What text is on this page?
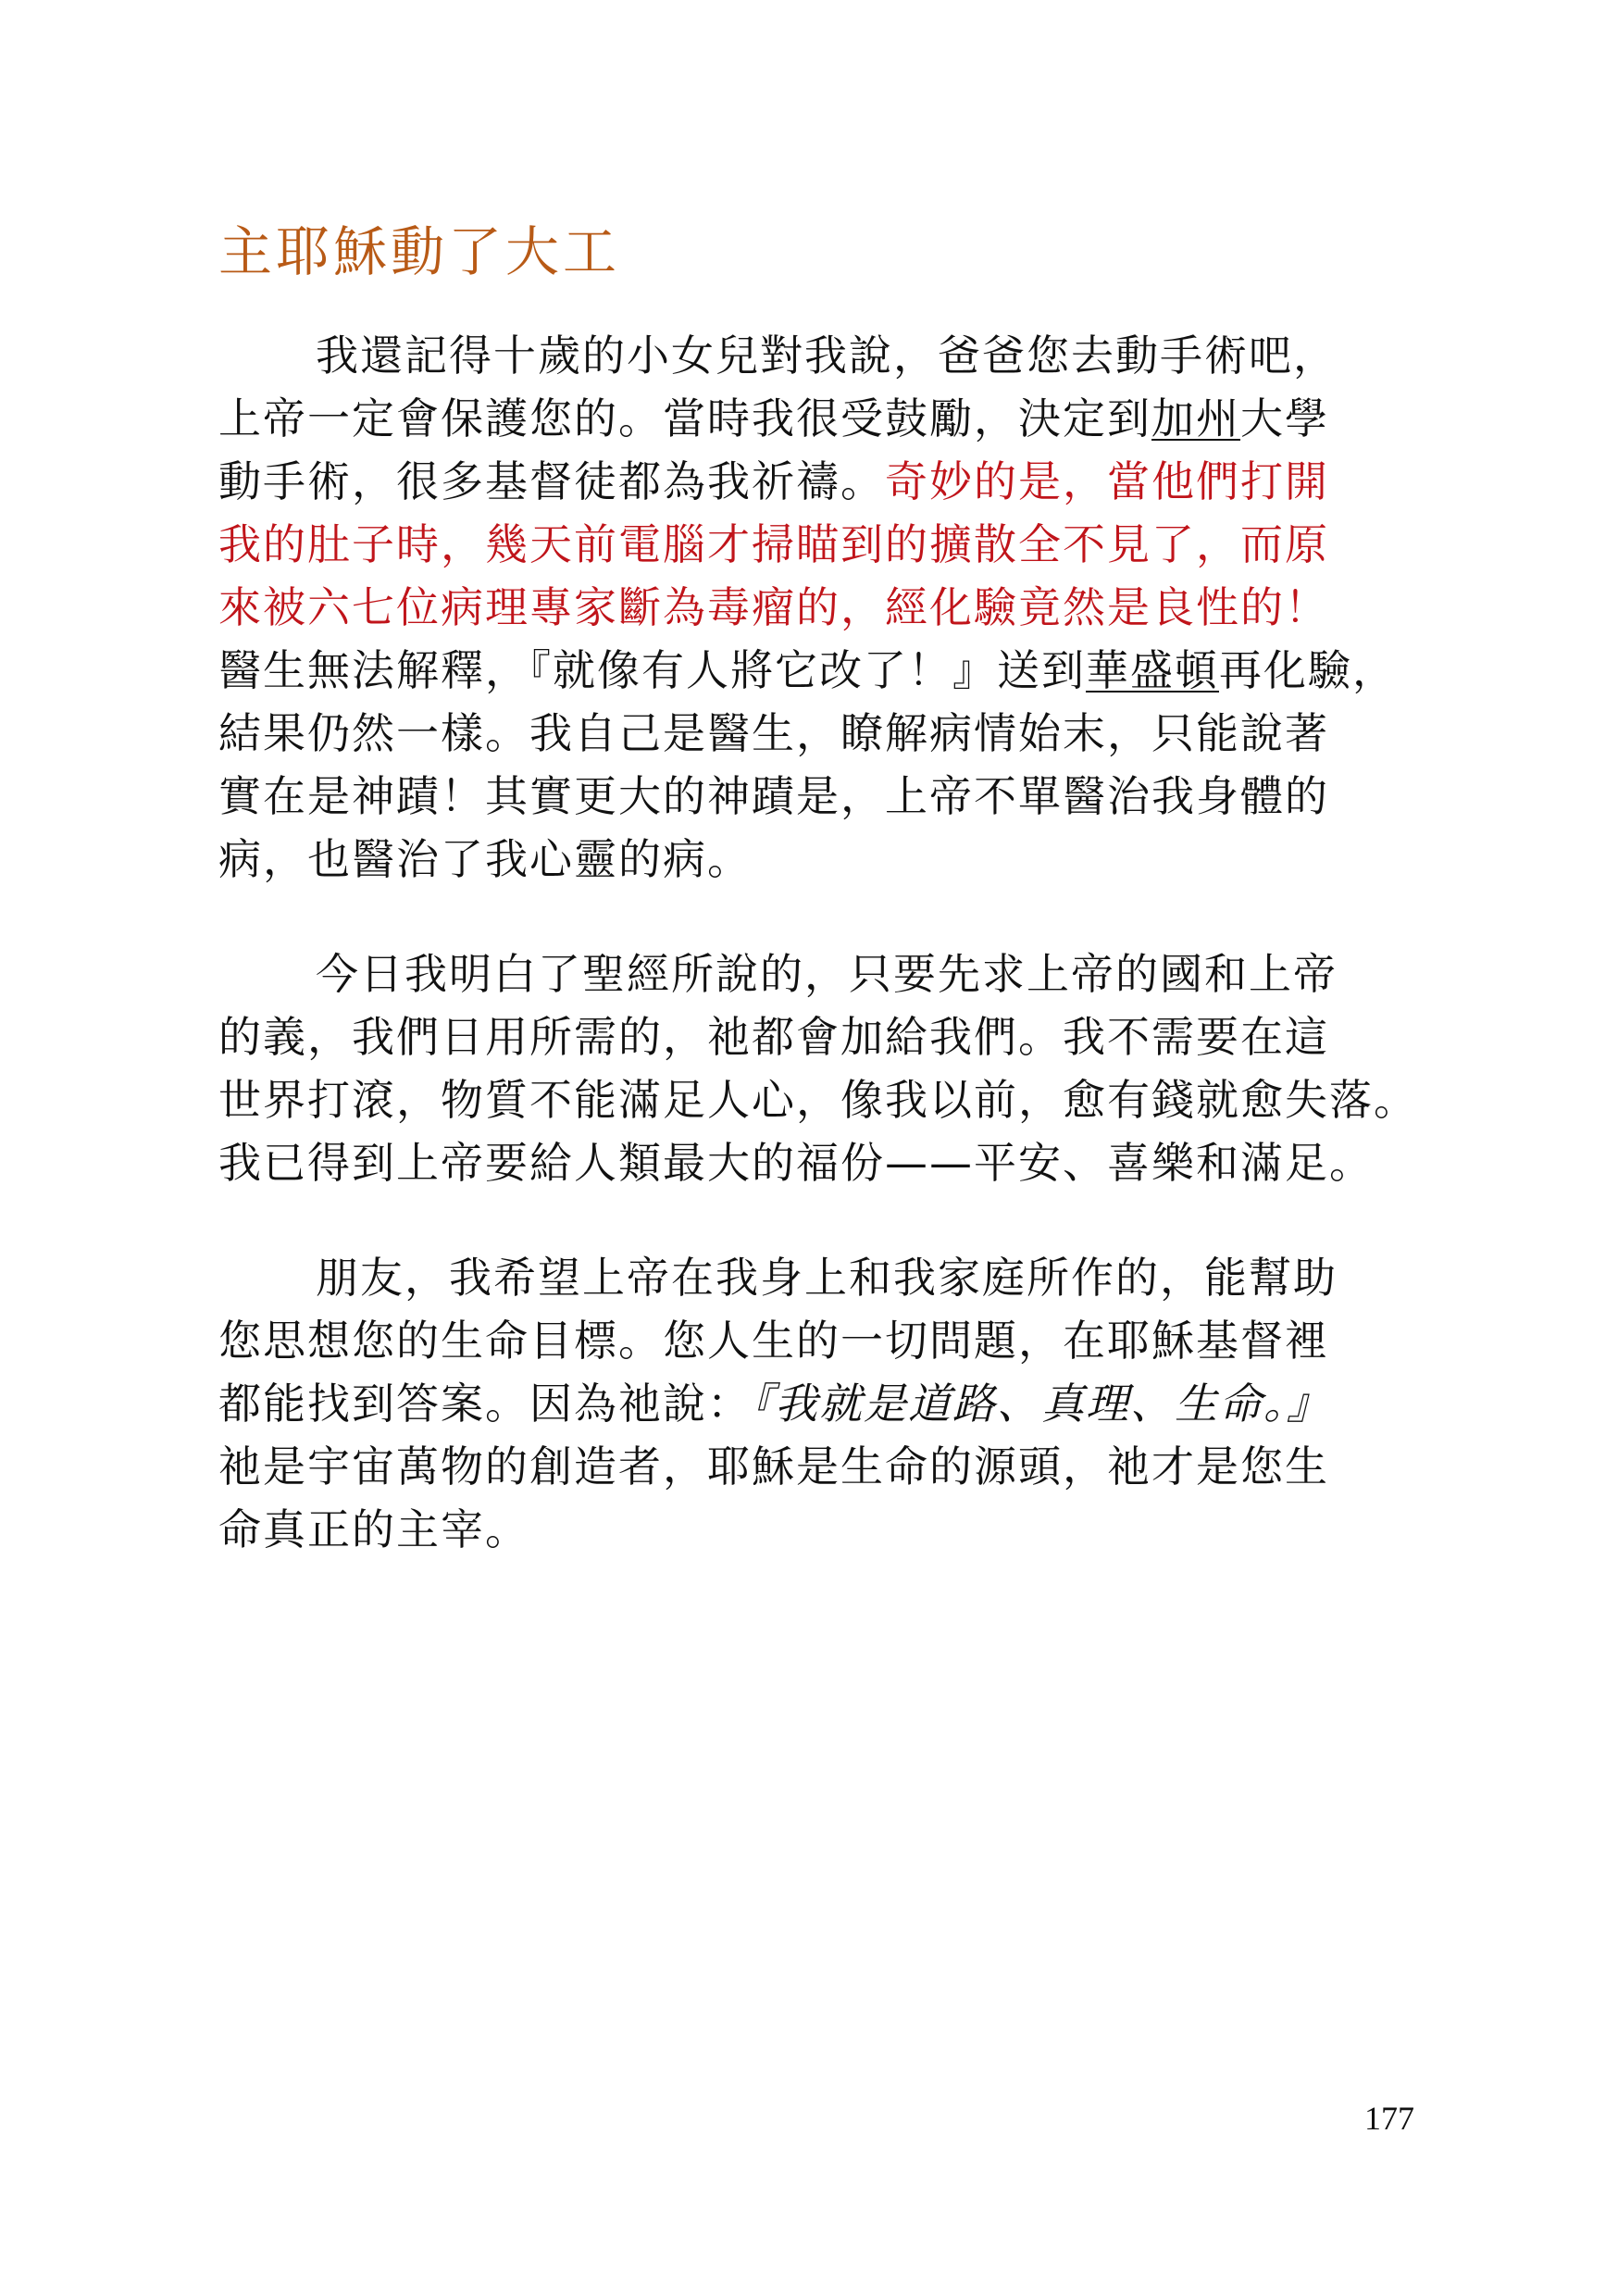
主耶穌動了大工

我還記得十歲的小女兒對我說，爸爸您去動手術吧，
上帝一定會保護您的。當時我很受鼓勵，決定到加州大學
動手術，很多基督徒都為我祈禱。奇妙的是，當他們打開
我的肚子時，幾天前電腦才掃瞄到的擴散全不見了，而原
來被六七位病理專家斷為毒瘤的，經化驗竟然是良性的！
醫生無法解釋，『就像有人將它改了！』送到華盛頓再化驗，
結果仍然一樣。我自己是醫生，瞭解病情始末，只能說著
實在是神蹟！其實更大的神蹟是，上帝不單醫治我身體的
病，也醫治了我心靈的病。

今日我明白了聖經所說的，只要先求上帝的國和上帝
的義，我們日用所需的，祂都會加給我們。我不需要在這
世界打滾，物質不能滿足人心，像我以前，愈有錢就愈失落。
我已得到上帝要給人類最大的福份——平安、喜樂和滿足。

朋友，我希望上帝在我身上和我家庭所作的，能幫助
您思想您的生命目標。您人生的一切問題，在耶穌基督裡
都能找到答案。因為祂說：『我就是道路、真理、生命。』
祂是宇宙萬物的創造者，耶穌是生命的源頭，祂才是您生
命真正的主宰。

177
